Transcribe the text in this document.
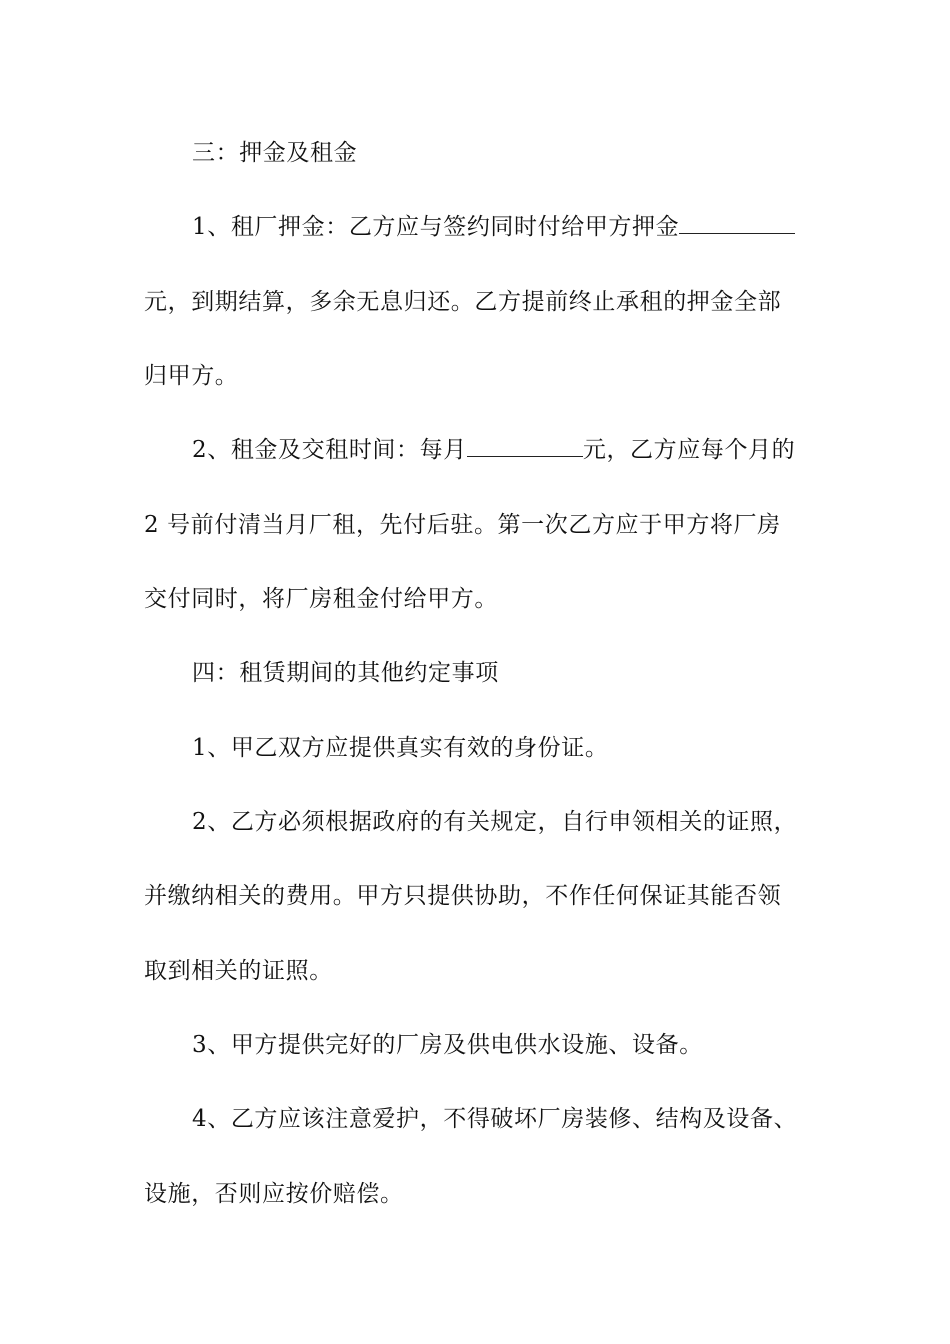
三：押金及租金
1、租厂押金：乙方应与签约同时付给甲方押金
元，到期结算，多余无息归还。乙方提前终止承租的押金全部
归甲方。
2、租金及交租时间：每月	元，乙方应每个月的
2 号前付清当月厂租，先付后驻。第一次乙方应于甲方将厂房
交付同时，将厂房租金付给甲方。
四：租赁期间的其他约定事项
1、甲乙双方应提供真实有效的身份证。
2、乙方必须根据政府的有关规定，自行申领相关的证照，
并缴纳相关的费用。甲方只提供协助，不作任何保证其能否领
取到相关的证照。
3、甲方提供完好的厂房及供电供水设施、设备。
4、乙方应该注意爱护，不得破坏厂房装修、结构及设备、
设施，否则应按价赔偿。
